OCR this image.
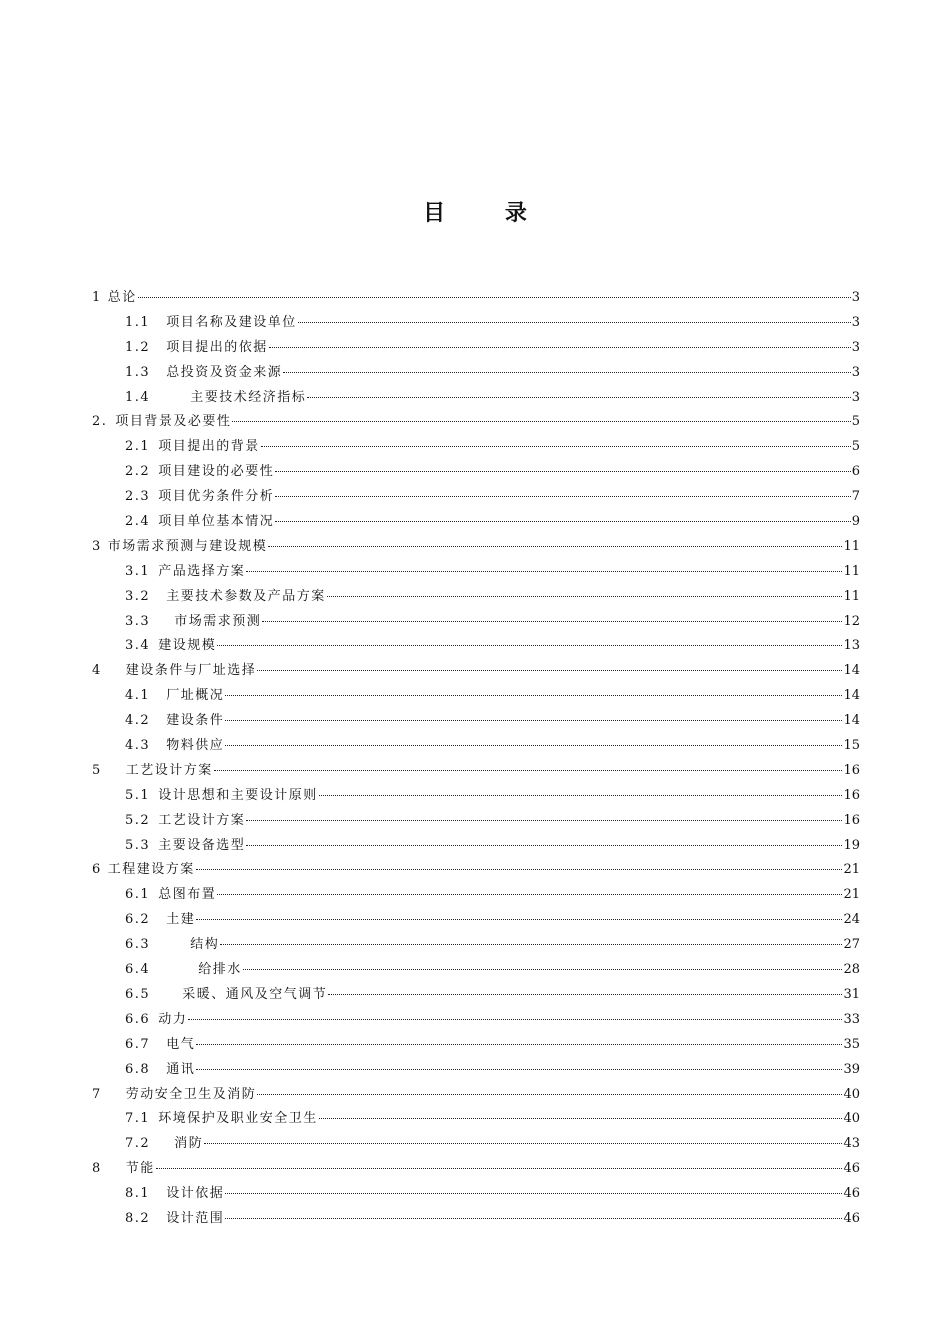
目 录
1 总论	3
1.1 项目名称及建设单位	3
1.2 项目提出的依据	3
1.3 总投资及资金来源	3
1.4	主要技术经济指标	3
2. 项目背景及必要性	5
2.1 项目提出的背景	5
2.2 项目建设的必要性	6
2.3 项目优劣条件分析	7
2.4 项目单位基本情况	9
3 市场需求预测与建设规模	11
3.1 产品选择方案	11
3.2 主要技术参数及产品方案	11
3.3 市场需求预测	12
3.4 建设规模	13
4 建设条件与厂址选择	14
4.1 厂址概况	14
4.2 建设条件	14
4.3 物料供应	15
5 工艺设计方案	16
5.1 设计思想和主要设计原则	16
5.2 工艺设计方案	16
5.3 主要设备选型	19
6 工程建设方案	21
6.1 总图布置	21
6.2 土建	24
6.3	结构	27
6.4	给排水	28
6.5 采暖、通风及空气调节	31
6.6 动力	33
6.7 电气	35
6.8 通讯	39
7 劳动安全卫生及消防	40
7.1 环境保护及职业安全卫生	40
7.2 消防	43
8 节能	46
8.1 设计依据	46
8.2 设计范围	46
